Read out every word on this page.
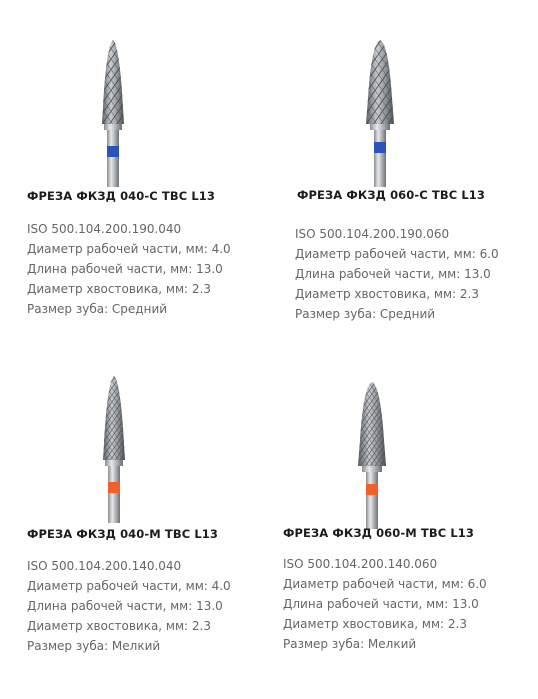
ФРЕЗА ФКЗД 040-С ТВС L13
ISO 500.104.200.190.040
Диаметр рабочей части, мм: 4.0
Длина рабочей части, мм: 13.0
Диаметр хвостовика, мм: 2.3
Размер зуба: Средний
ФРЕЗА ФКЗД 060-С ТВС L13
ISO 500.104.200.190.060
Диаметр рабочей части, мм: 6.0
Длина рабочей части, мм: 13.0
Диаметр хвостовика, мм: 2.3
Размер зуба: Средний
ФРЕЗА ФКЗД 040-М ТВС L13
ISO 500.104.200.140.040
Диаметр рабочей части, мм: 4.0
Длина рабочей части, мм: 13.0
Диаметр хвостовика, мм: 2.3
Размер зуба: Мелкий
ФРЕЗА ФКЗД 060-М ТВС L13
ISO 500.104.200.140.060
Диаметр рабочей части, мм: 6.0
Длина рабочей части, мм: 13.0
Диаметр хвостовика, мм: 2.3
Размер зуба: Мелкий
